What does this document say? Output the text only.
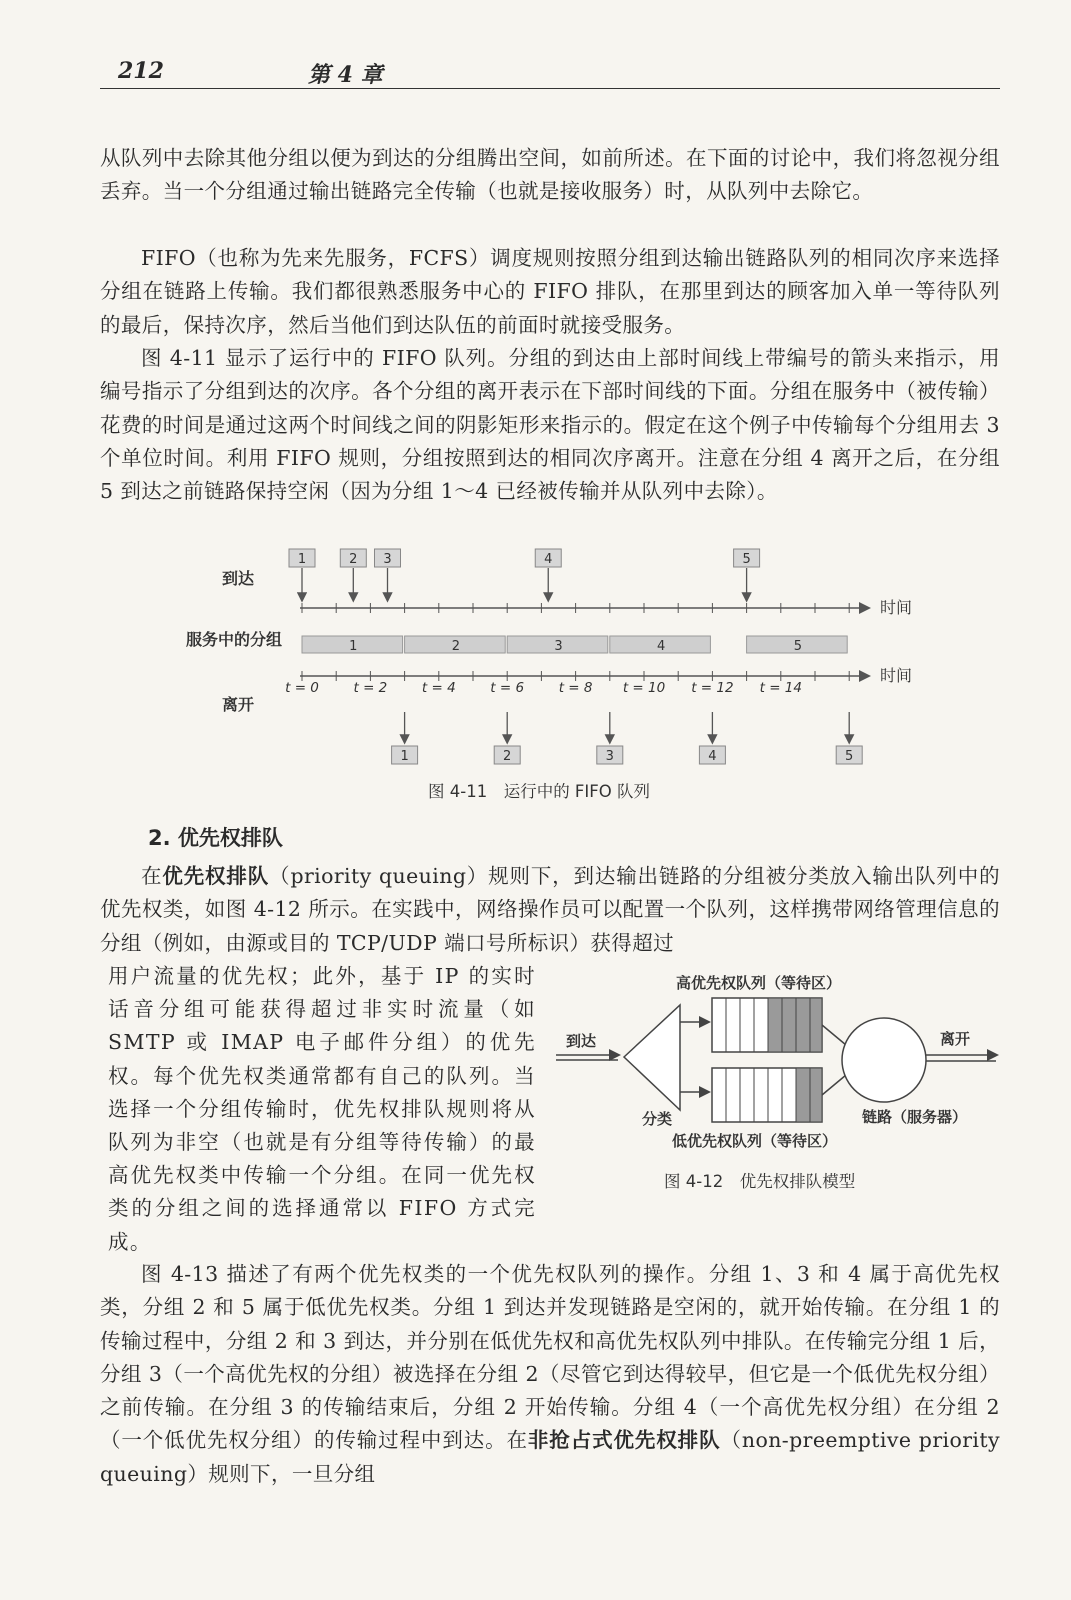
212	第 4 章

从队列中去除其他分组以便为到达的分组腾出空间，如前所述。在下面的讨论中，我们将忽视分组丢弃。当一个分组通过输出链路完全传输（也就是接收服务）时，从队列中去除它。

FIFO（也称为先来先服务，FCFS）调度规则按照分组到达输出链路队列的相同次序来选择分组在链路上传输。我们都很熟悉服务中心的 FIFO 排队，在那里到达的顾客加入单一等待队列的最后，保持次序，然后当他们到达队伍的前面时就接受服务。

图 4-11 显示了运行中的 FIFO 队列。分组的到达由上部时间线上带编号的箭头来指示，用编号指示了分组到达的次序。各个分组的离开表示在下部时间线的下面。分组在服务中（被传输）花费的时间是通过这两个时间线之间的阴影矩形来指示的。假定在这个例子中传输每个分组用去 3 个单位时间。利用 FIFO 规则，分组按照到达的相同次序离开。注意在分组 4 离开之后，在分组 5 到达之前链路保持空闲（因为分组 1～4 已经被传输并从队列中去除）。

到达
服务中的分组
离开
时间
时间
1	2 3	4	5
1	2	3	4	5
1	2	3	4	5
t = 0	t = 2	t = 4	t = 6	t = 8 t = 10 t = 12 t = 14
图 4-11　运行中的 FIFO 队列
2. 优先权排队

在优先权排队（priority queuing）规则下，到达输出链路的分组被分类放入输出队列中的优先权类，如图 4-12 所示。在实践中，网络操作员可以配置一个队列，这样携带网络管理信息的分组（例如，由源或目的 TCP/UDP 端口号所标识）获得超过

用户流量的优先权；此外，基于 IP 的实时话音分组可能获得超过非实时流量（如 SMTP 或 IMAP 电子邮件分组）的优先权。每个优先权类通常都有自己的队列。当选择一个分组传输时，优先权排队规则将从队列为非空（也就是有分组等待传输）的最高优先权类中传输一个分组。在同一优先权类的分组之间的选择通常以 FIFO 方式完成。

高优先权队列（等待区）
到达
分类
低优先权队列（等待区）
离开
链路（服务器）
图 4-12　优先权排队模型

图 4-13 描述了有两个优先权类的一个优先权队列的操作。分组 1、3 和 4 属于高优先权类，分组 2 和 5 属于低优先权类。分组 1 到达并发现链路是空闲的，就开始传输。在分组 1 的传输过程中，分组 2 和 3 到达，并分别在低优先权和高优先权队列中排队。在传输完分组 1 后，分组 3（一个高优先权的分组）被选择在分组 2（尽管它到达得较早，但它是一个低优先权分组）之前传输。在分组 3 的传输结束后，分组 2 开始传输。分组 4（一个高优先权分组）在分组 2（一个低优先权分组）的传输过程中到达。在非抢占式优先权排队（non-preemptive priority queuing）规则下，一旦分组
